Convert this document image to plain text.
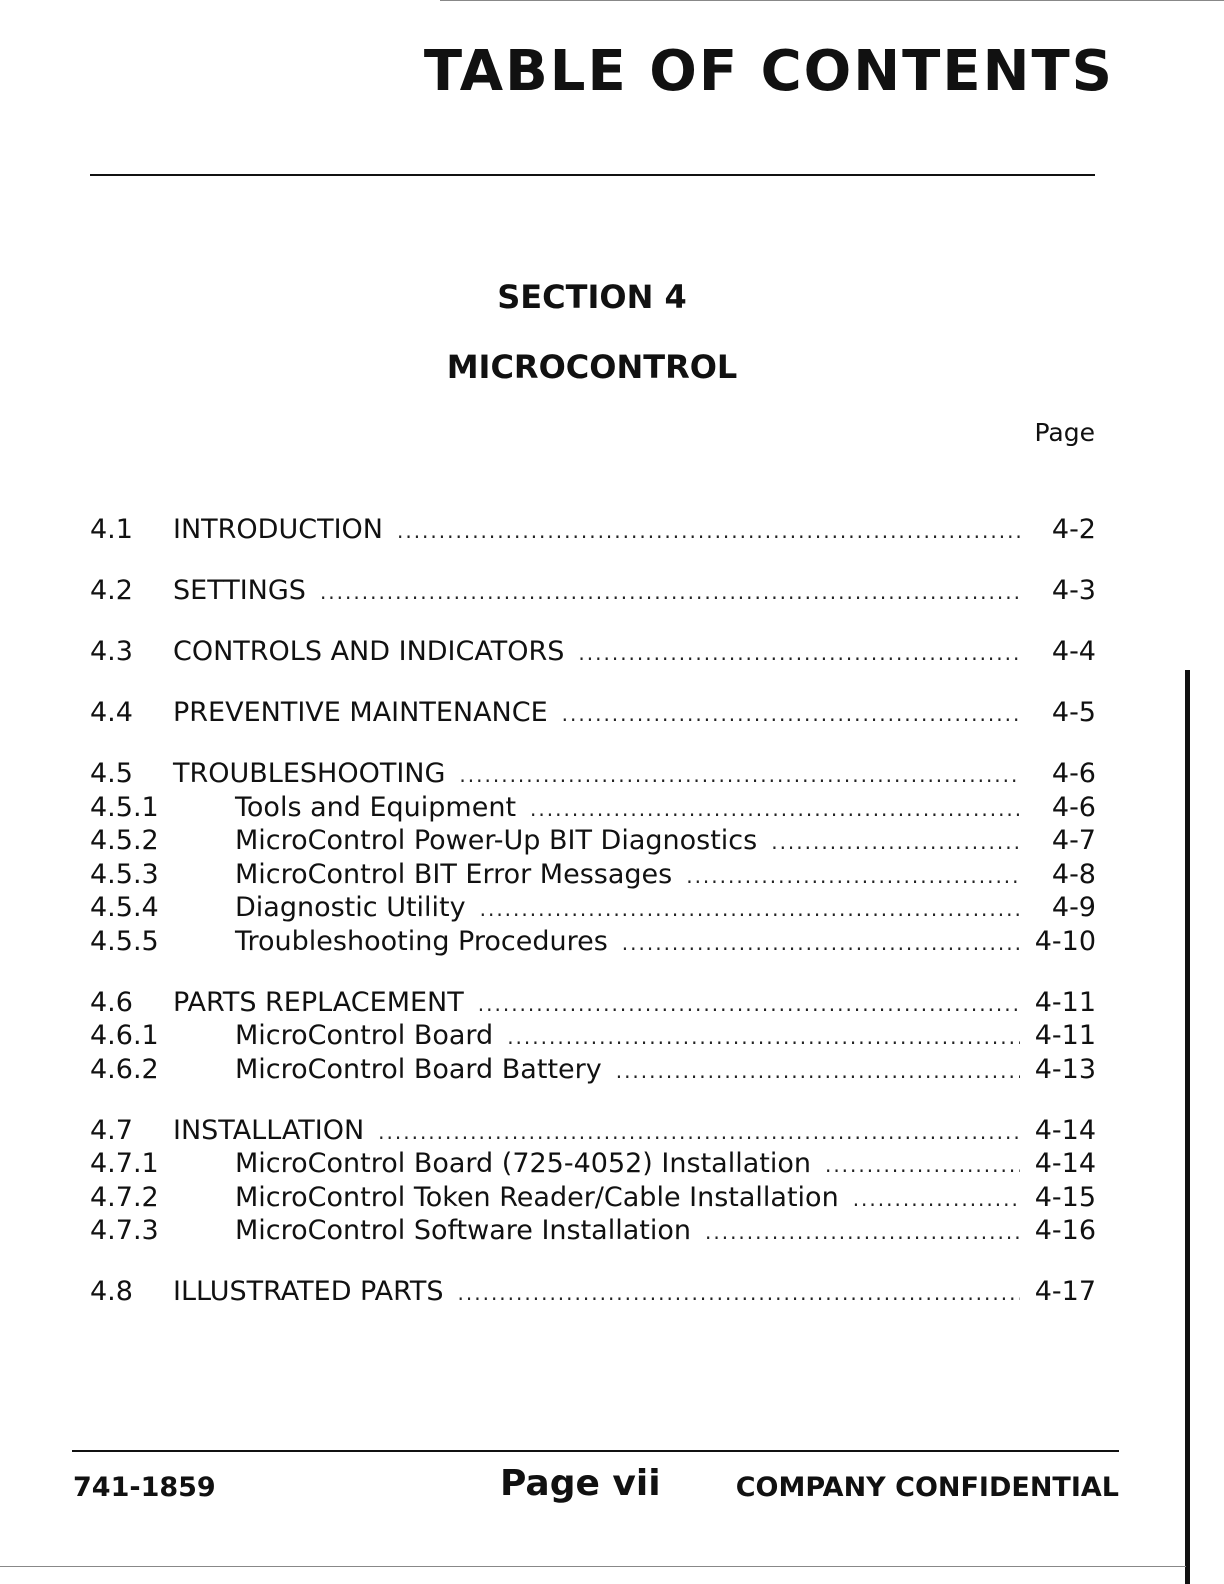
TABLE OF CONTENTS
SECTION 4
MICROCONTROL
Page
4.1	INTRODUCTION .....	4-2
4.2	SETTINGS .....	4-3
4.3	CONTROLS AND INDICATORS .....	4-4
4.4	PREVENTIVE MAINTENANCE .....	4-5
4.5	TROUBLESHOOTING .....	4-6
4.5.1	Tools and Equipment .....	4-6
4.5.2	MicroControl Power-Up BIT Diagnostics .....	4-7
4.5.3	MicroControl BIT Error Messages .....	4-8
4.5.4	Diagnostic Utility .....	4-9
4.5.5	Troubleshooting Procedures .....	4-10
4.6	PARTS REPLACEMENT .....	4-11
4.6.1	MicroControl Board .....	4-11
4.6.2	MicroControl Board Battery .....	4-13
4.7	INSTALLATION .....	4-14
4.7.1	MicroControl Board (725-4052) Installation .....	4-14
4.7.2	MicroControl Token Reader/Cable Installation .....	4-15
4.7.3	MicroControl Software Installation .....	4-16
4.8	ILLUSTRATED PARTS .....	4-17
741-1859	Page vii	COMPANY CONFIDENTIAL
